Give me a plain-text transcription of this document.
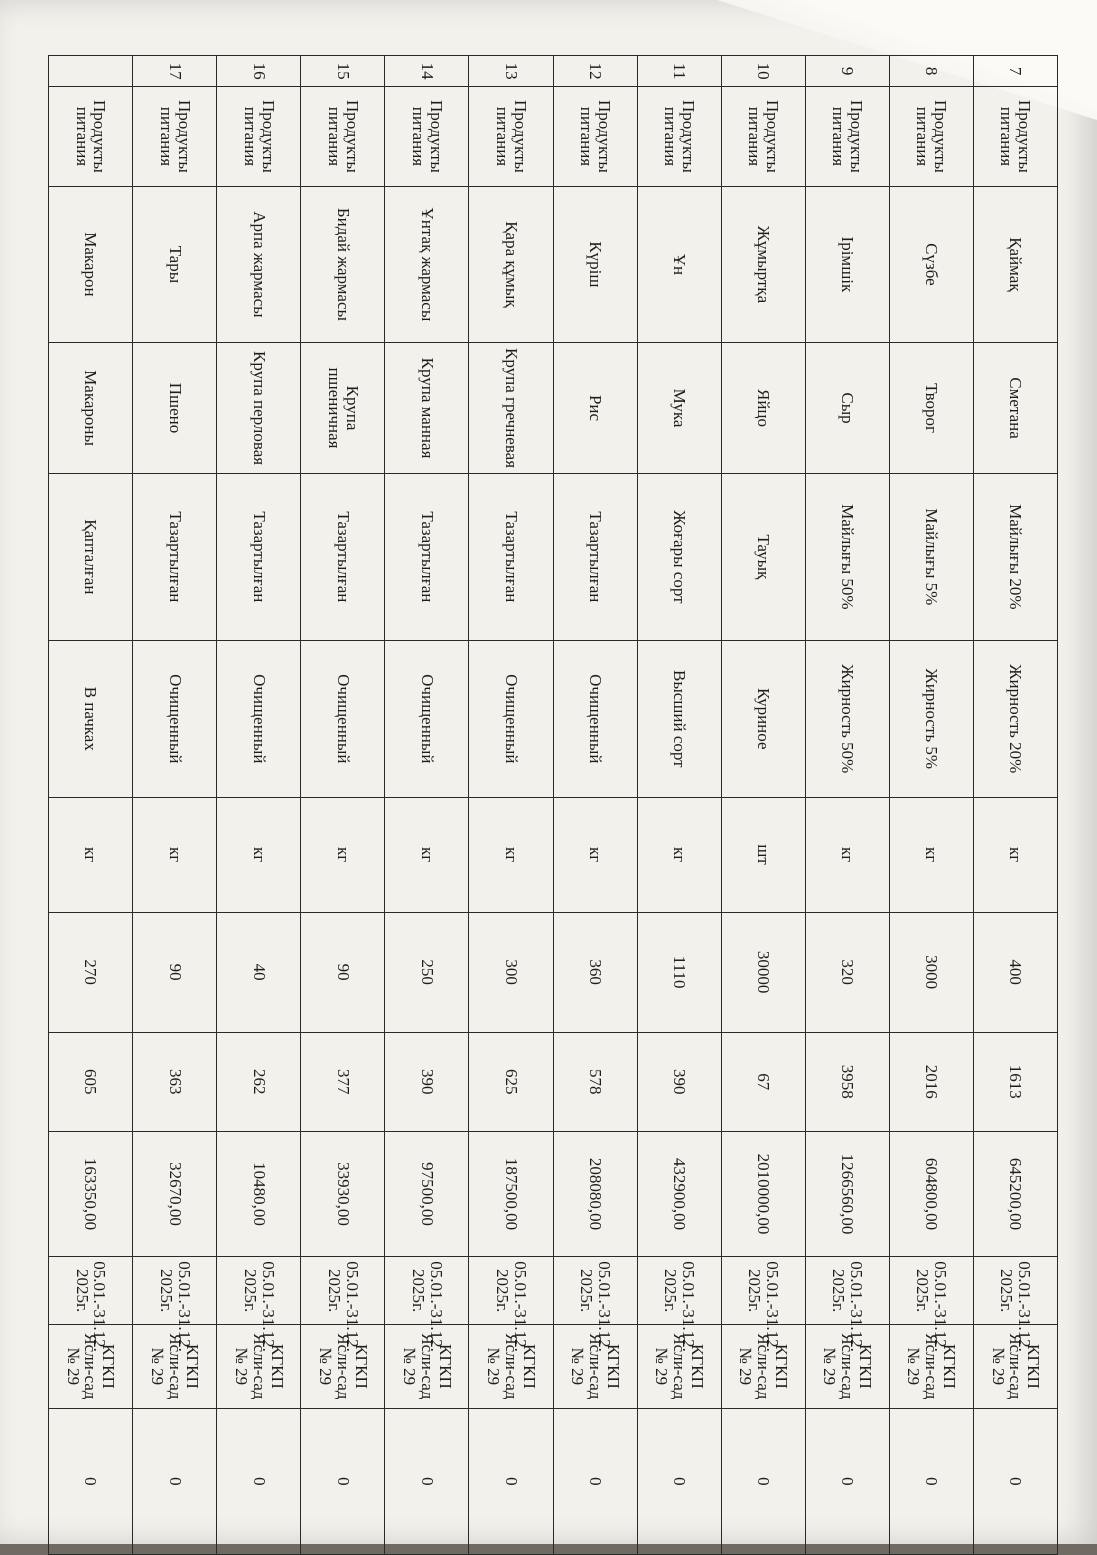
7	Продукты питания	Қаймақ	Сметана	Майлығы 20%	Жирность 20%	кг	400	1613	645200,00	05.01.-31.12. 2025г.	КГКП Ясли-сад № 29	0
8	Продукты питания	Сүзбе	Творог	Майлығы 5%	Жирность 5%	кг	3000	2016	604800,00	05.01.-31.12. 2025г.	КГКП Ясли-сад № 29	0
9	Продукты питания	Ірімшік	Сыр	Майлығы 50%	Жирность 50%	кг	320	3958	1266560,00	05.01.-31.12. 2025г.	КГКП Ясли-сад № 29	0
10	Продукты питания	Жұмыртқа	Яйцо	Тауық	Куриное	шт	30000	67	2010000,00	05.01.-31.12. 2025г.	КГКП Ясли-сад № 29	0
11	Продукты питания	Ұн	Мука	Жоғары сорт	Высший сорт	кг	1110	390	432900,00	05.01.-31.12. 2025г.	КГКП Ясли-сад № 29	0
12	Продукты питания	Күріш	Рис	Тазартылған	Очищенный	кг	360	578	208080,00	05.01.-31.12. 2025г.	КГКП Ясли-сад № 29	0
13	Продукты питания	Қара құмық	Крупа гречневая	Тазартылған	Очищенный	кг	300	625	187500,00	05.01.-31.12. 2025г.	КГКП Ясли-сад № 29	0
14	Продукты питания	Ұнтақ жармасы	Крупа манная	Тазартылған	Очищенный	кг	250	390	97500,00	05.01.-31.12. 2025г.	КГКП Ясли-сад № 29	0
15	Продукты питания	Бидай жармасы	Крупа пшеничная	Тазартылған	Очищенный	кг	90	377	33930,00	05.01.-31.12. 2025г.	КГКП Ясли-сад № 29	0
16	Продукты питания	Арпа жармасы	Крупа перловая	Тазартылған	Очищенный	кг	40	262	10480,00	05.01.-31.12. 2025г.	КГКП Ясли-сад № 29	0
17	Продукты питания	Тары	Пшено	Тазартылған	Очищенный	кг	90	363	32670,00	05.01.-31.12. 2025г.	КГКП Ясли-сад № 29	0
	Продукты питания	Макарон	Макароны	Қапталған	В пачках	кг	270	605	163350,00	05.01.-31.12. 2025г.	КГКП Ясли-сад № 29	0
